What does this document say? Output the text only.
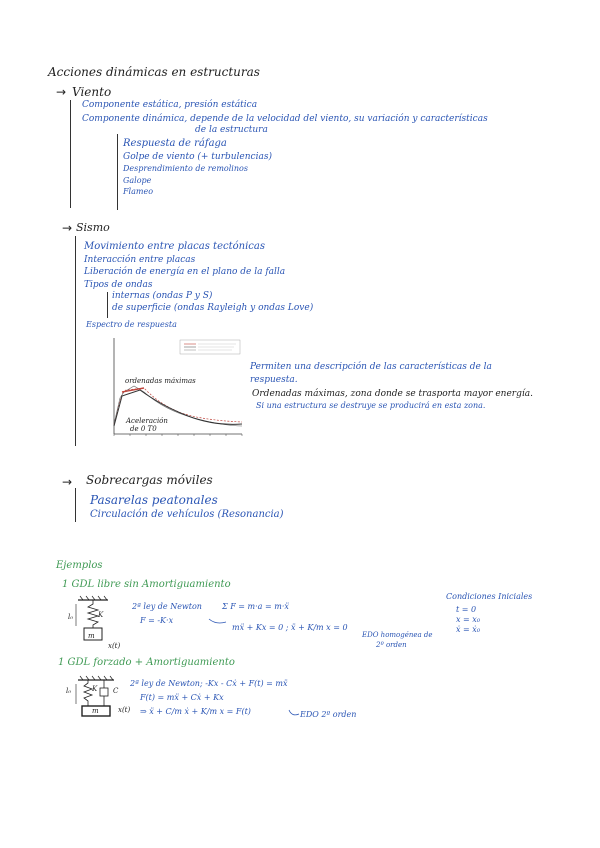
Acciones dinámicas en estructuras
→ Viento
Componente estática, presión estática
Componente dinámica, depende de la velocidad del viento, su variación y características
de la estructura
Respuesta de ráfaga
Golpe de viento (+ turbulencias)
Desprendimiento de remolinos
Galope
Flameo
→ Sismo
Movimiento entre placas tectónicas
Interacción entre placas
Liberación de energía en el plano de la falla
Tipos de ondas
internas (ondas P y S)
de superficie (ondas Rayleigh y ondas Love)
Espectro de respuesta
ordenadas máximas
Aceleración
de 0 T0
Permiten una descripción de las características de la
respuesta.
Ordenadas máximas, zona donde se trasporta mayor energía.
Si una estructura se destruye se producirá en esta zona.
→ Sobrecargas móviles
Pasarelas peatonales
Circulación de vehículos (Resonancia)
Ejemplos
1 GDL libre sin Amortiguamiento
K
l₀
m
x(t)
2ª ley de Newton	Σ F = m·a = m·ẍ
F = -K·x
mẍ + Kx = 0 ; ẍ + K/m x = 0
EDO homogénea de
2º orden
Condiciones Iniciales
t = 0
x = x₀
ẋ = ẋ₀
1 GDL forzado + Amortiguamiento
K C
l₀
m	x(t)
2ª ley de Newton; -Kx - Cẋ + F(t) = mẍ
F(t) = mẍ + Cẋ + Kx
⇒ ẍ + C/m ẋ + K/m x = F(t)	EDO 2º orden
